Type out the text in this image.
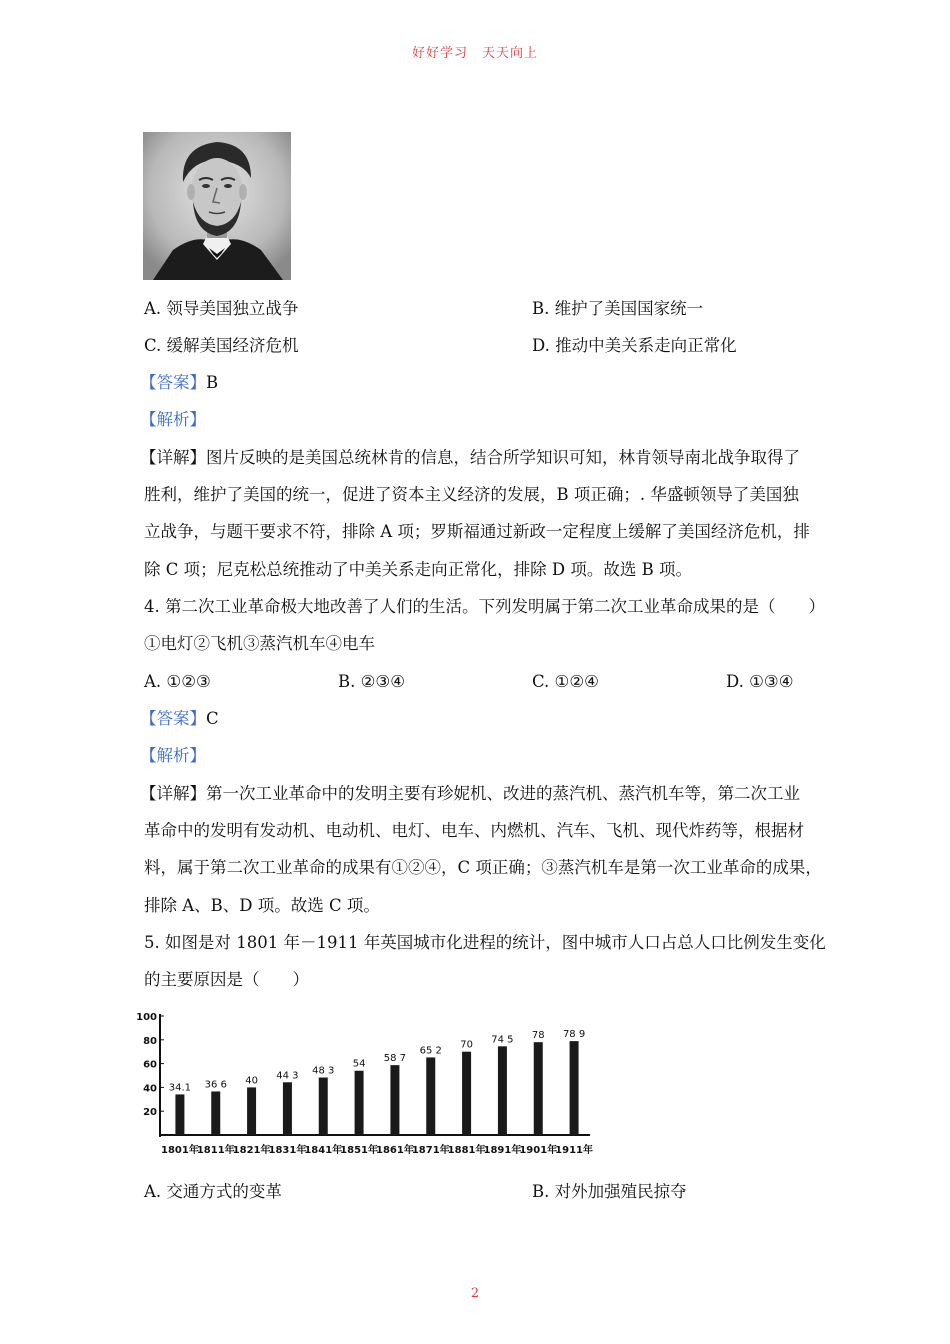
好好学习　天天向上
A. 领导美国独立战争	B. 维护了美国国家统一
C. 缓解美国经济危机	D. 推动中美关系走向正常化
【答案】B
【解析】
【详解】图片反映的是美国总统林肯的信息，结合所学知识可知，林肯领导南北战争取得了
胜利，维护了美国的统一，促进了资本主义经济的发展，B 项正确；. 华盛顿领导了美国独
立战争，与题干要求不符，排除 A 项；罗斯福通过新政一定程度上缓解了美国经济危机，排
除 C 项；尼克松总统推动了中美关系走向正常化，排除 D 项。故选 B 项。
4. 第二次工业革命极大地改善了人们的生活。下列发明属于第二次工业革命成果的是（　　）
①电灯②飞机③蒸汽机车④电车
A. ①②③	B. ②③④	C. ①②④	D. ①③④
【答案】C
【解析】
【详解】第一次工业革命中的发明主要有珍妮机、改进的蒸汽机、蒸汽机车等，第二次工业
革命中的发明有发动机、电动机、电灯、电车、内燃机、汽车、飞机、现代炸药等，根据材
料，属于第二次工业革命的成果有①②④，C 项正确；③蒸汽机车是第一次工业革命的成果，
排除 A、B、D 项。故选 C 项。
5. 如图是对 1801 年－1911 年英国城市化进程的统计，图中城市人口占总人口比例发生变化
的主要原因是（　　）
100
80
60
40
20
34.1
1801年
36 6
1811年
40
1821年
44 3
1831年
48 3
1841年
54
1851年
58 7
1861年
65 2
1871年
70
1881年
74 5
1891年
78
1901年
78 9
1911年
A. 交通方式的变革	B. 对外加强殖民掠夺
2
